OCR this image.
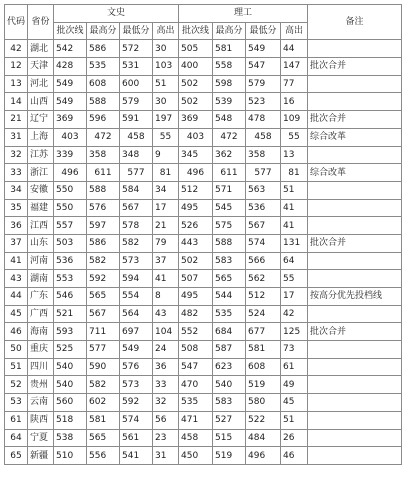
代码	省份	文史				理工				备注
		批次线	最高分	最低分	高出	批次线	最高分	最低分	高出	
42	湖北	542	586	572	30	505	581	549	44	
12	天津	428	535	531	103	400	558	547	147	批次合并
13	河北	549	608	600	51	502	598	579	77	
14	山西	549	588	579	30	502	539	523	16	
21	辽宁	369	596	591	197	369	548	478	109	批次合并
31	上海	403	472	458	55	403	472	458	55	综合改革
32	江苏	339	358	348	9	345	362	358	13	
33	浙江	496	611	577	81	496	611	577	81	综合改革
34	安徽	550	588	584	34	512	571	563	51	
35	福建	550	576	567	17	495	545	536	41	
36	江西	557	597	578	21	526	575	567	41	
37	山东	503	586	582	79	443	588	574	131	批次合并
41	河南	536	582	573	37	502	583	566	64	
43	湖南	553	592	594	41	507	565	562	55	
44	广东	546	565	554	8	495	544	512	17	按高分优先投档线
45	广西	521	567	564	43	482	535	524	42	
46	海南	593	711	697	104	552	684	677	125	批次合并
50	重庆	525	577	549	24	508	587	581	73	
51	四川	540	590	576	36	547	623	608	61	
52	贵州	540	582	573	33	470	540	519	49	
53	云南	560	602	592	32	535	583	580	45	
61	陕西	518	581	574	56	471	527	522	51	
64	宁夏	538	565	561	23	458	515	484	26	
65	新疆	510	556	541	31	450	519	496	46	
